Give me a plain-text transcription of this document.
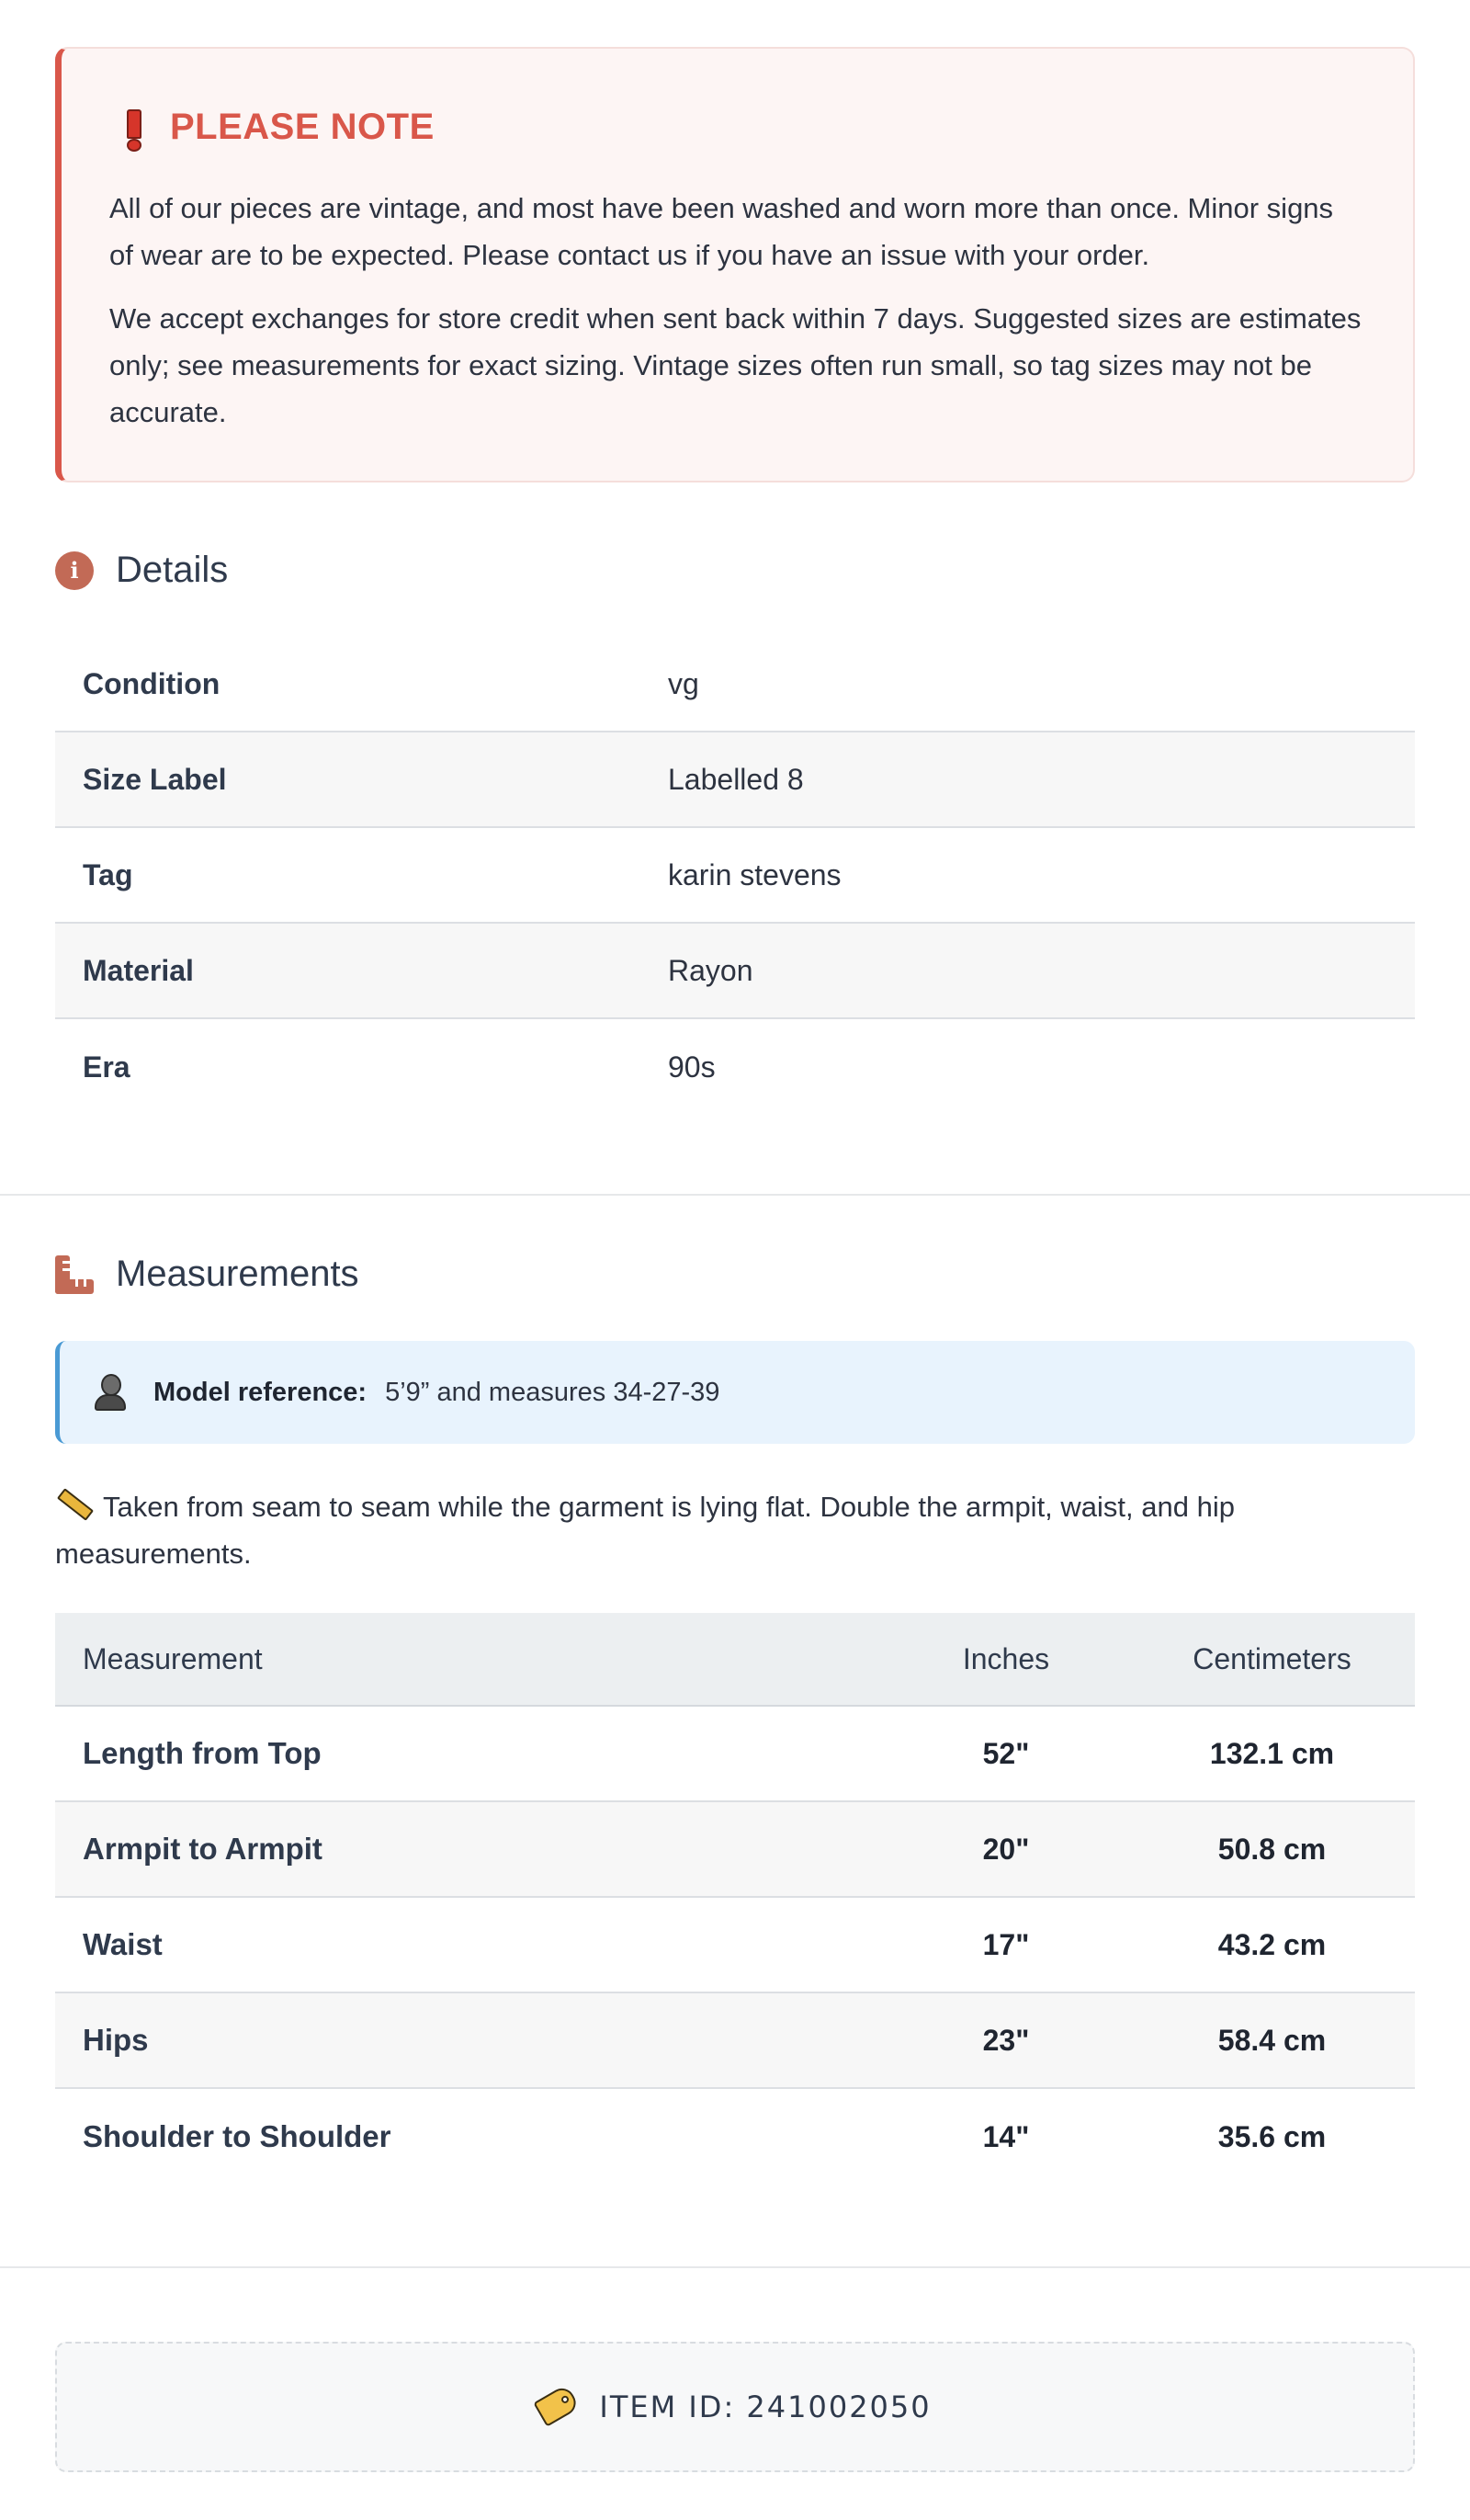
PLEASE NOTE

All of our pieces are vintage, and most have been washed and worn more than once. Minor signs of wear are to be expected. Please contact us if you have an issue with your order.

We accept exchanges for store credit when sent back within 7 days. Suggested sizes are estimates only; see measurements for exact sizing. Vintage sizes often run small, so tag sizes may not be accurate.

i	Details
Condition	vg
Size Label	Labelled 8
Tag	karin stevens
Material	Rayon
Era	90s
Measurements
Model reference: 5’9” and measures 34-27-39
Taken from seam to seam while the garment is lying flat. Double the armpit, waist, and hip measurements.
Measurement	Inches	Centimeters
Length from Top	52"	132.1 cm
Armpit to Armpit	20"	50.8 cm
Waist	17"	43.2 cm
Hips	23"	58.4 cm
Shoulder to Shoulder	14"	35.6 cm
ITEM ID: 241002050
